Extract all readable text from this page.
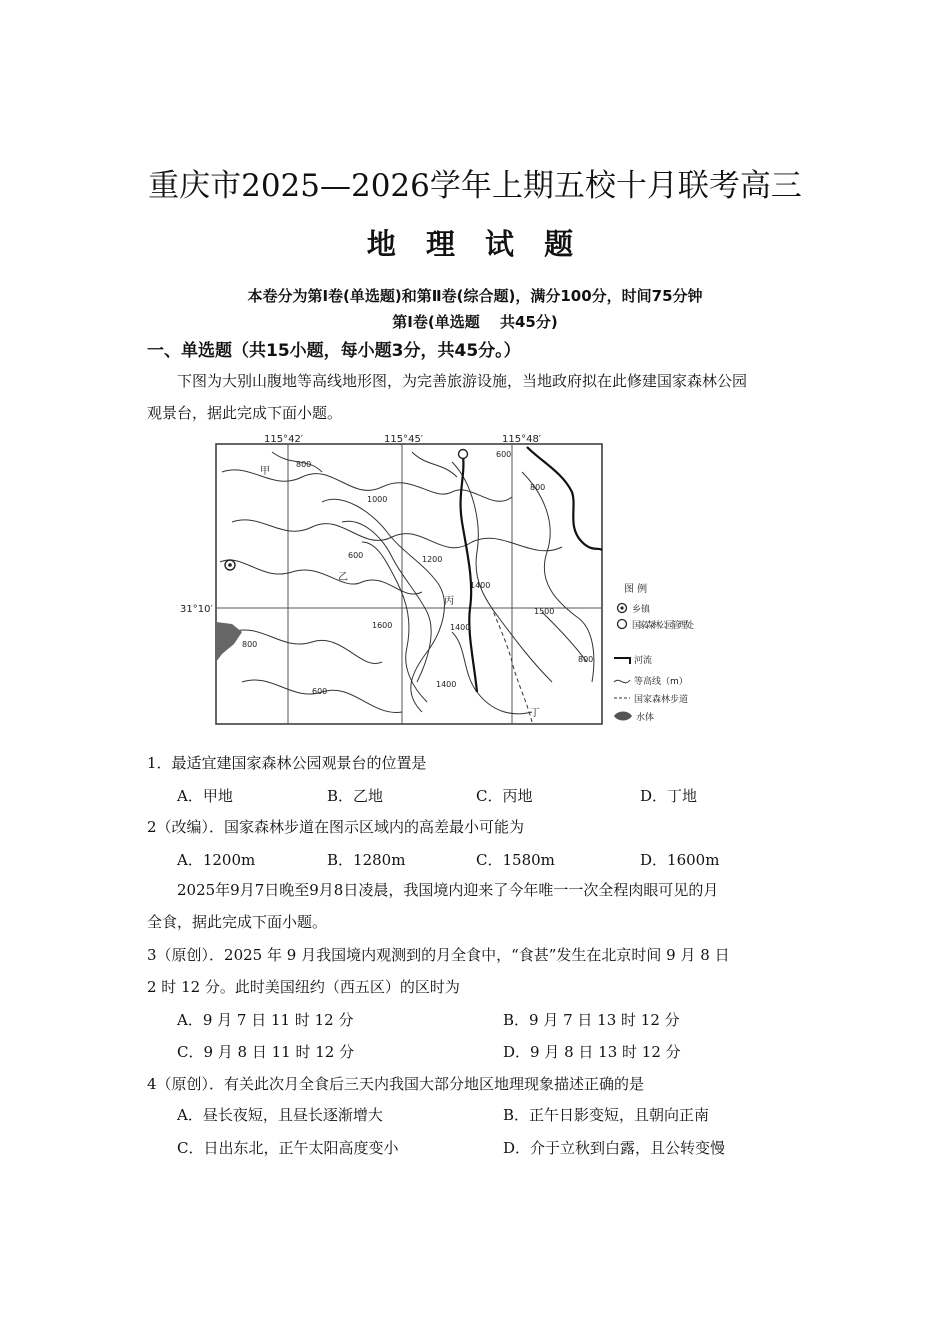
重庆市2025—2026学年上期五校十月联考高三
地 理 试 题
本卷分为第Ⅰ卷(单选题)和第Ⅱ卷(综合题)，满分100分，时间75分钟
第Ⅰ卷(单选题　 共45分)
一、单选题（共15小题，每小题3分，共45分。）
下图为大别山腹地等高线地形图，为完善旅游设施，当地政府拟在此修建国家森林公园
观景台，据此完成下面小题。
115°42′	115°45′	115°48′
31°10′
800
1000
600	1200
600
800
1400
1500
1400
1600
1400
800
600
800
甲
乙
丙
丁
图 例
乡镇
国家森林公园管理处
河流
等高线（m）
国家森林步道
水体
1．最适宜建国家森林公园观景台的位置是
A．甲地	B．乙地	C．丙地	D．丁地
2（改编）．国家森林步道在图示区域内的高差最小可能为
A．1200m	B．1280m	C．1580m	D．1600m
2025年9月7日晚至9月8日凌晨，我国境内迎来了今年唯一一次全程肉眼可见的月
全食，据此完成下面小题。
3（原创）．2025 年 9 月我国境内观测到的月全食中，“食甚”发生在北京时间 9 月 8 日
2 时 12 分。此时美国纽约（西五区）的区时为
A．9 月 7 日 11 时 12 分	B．9 月 7 日 13 时 12 分
C．9 月 8 日 11 时 12 分	D．9 月 8 日 13 时 12 分
4（原创）．有关此次月全食后三天内我国大部分地区地理现象描述正确的是
A．昼长夜短，且昼长逐渐增大	B．正午日影变短，且朝向正南
C．日出东北，正午太阳高度变小	D．介于立秋到白露，且公转变慢
